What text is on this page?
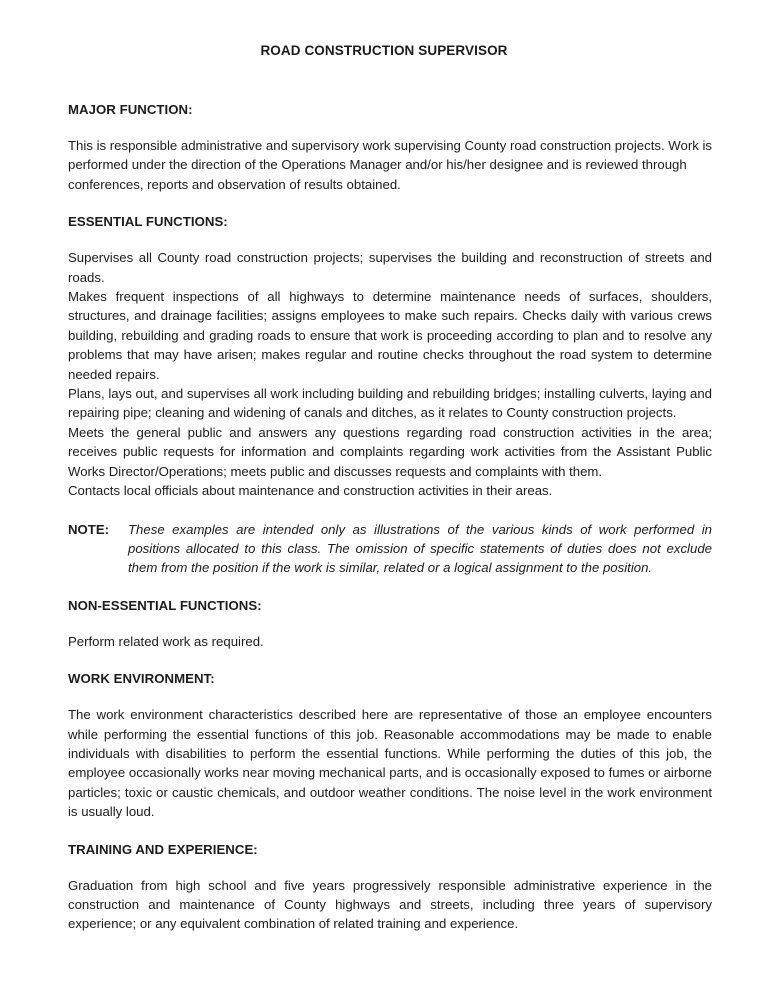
ROAD CONSTRUCTION SUPERVISOR
MAJOR FUNCTION:

This is responsible administrative and supervisory work supervising County road construction projects. Work is performed under the direction of the Operations Manager and/or his/her designee and is reviewed through conferences, reports and observation of results obtained.

ESSENTIAL FUNCTIONS:

Supervises all County road construction projects; supervises the building and reconstruction of streets and roads.

Makes frequent inspections of all highways to determine maintenance needs of surfaces, shoulders, structures, and drainage facilities; assigns employees to make such repairs. Checks daily with various crews building, rebuilding and grading roads to ensure that work is proceeding according to plan and to resolve any problems that may have arisen; makes regular and routine checks throughout the road system to determine needed repairs.

Plans, lays out, and supervises all work including building and rebuilding bridges; installing culverts, laying and repairing pipe; cleaning and widening of canals and ditches, as it relates to County construction projects.

Meets the general public and answers any questions regarding road construction activities in the area; receives public requests for information and complaints regarding work activities from the Assistant Public Works Director/Operations; meets public and discusses requests and complaints with them.

Contacts local officials about maintenance and construction activities in their areas.

NOTE:	These examples are intended only as illustrations of the various kinds of work performed in positions allocated to this class. The omission of specific statements of duties does not exclude them from the position if the work is similar, related or a logical assignment to the position.
NON-ESSENTIAL FUNCTIONS:

Perform related work as required.

WORK ENVIRONMENT:

The work environment characteristics described here are representative of those an employee encounters while performing the essential functions of this job. Reasonable accommodations may be made to enable individuals with disabilities to perform the essential functions. While performing the duties of this job, the employee occasionally works near moving mechanical parts, and is occasionally exposed to fumes or airborne particles; toxic or caustic chemicals, and outdoor weather conditions. The noise level in the work environment is usually loud.

TRAINING AND EXPERIENCE:

Graduation from high school and five years progressively responsible administrative experience in the construction and maintenance of County highways and streets, including three years of supervisory experience; or any equivalent combination of related training and experience.
